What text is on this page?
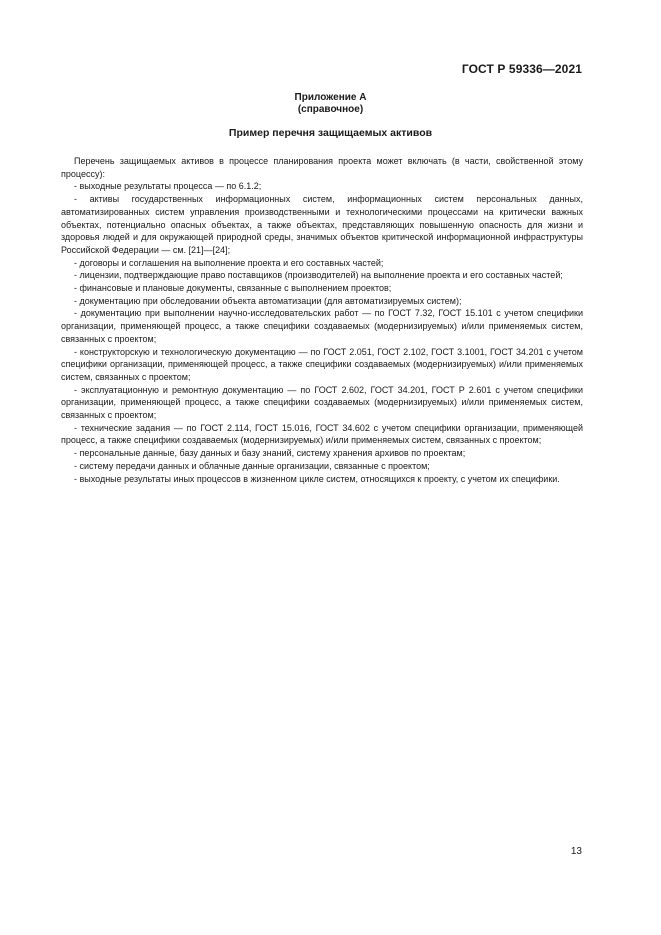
ГОСТ Р 59336—2021
Приложение А
(справочное)
Пример перечня защищаемых активов

Перечень защищаемых активов в процессе планирования проекта может включать (в части, свойственной этому процессу):

- выходные результаты процесса — по 6.1.2;

- активы государственных информационных систем, информационных систем персональных данных, автоматизированных систем управления производственными и технологическими процессами на критически важных объектах, потенциально опасных объектах, а также объектах, представляющих повышенную опасность для жизни и здоровья людей и для окружающей природной среды, значимых объектов критической информационной инфраструктуры Российской Федерации — см. [21]—[24];

- договоры и соглашения на выполнение проекта и его составных частей;

- лицензии, подтверждающие право поставщиков (производителей) на выполнение проекта и его составных частей;

- финансовые и плановые документы, связанные с выполнением проектов;

- документацию при обследовании объекта автоматизации (для автоматизируемых систем);

- документацию при выполнении научно-исследовательских работ — по ГОСТ 7.32, ГОСТ 15.101 с учетом специфики организации, применяющей процесс, а также специфики создаваемых (модернизируемых) и/или применяемых систем, связанных с проектом;

- конструкторскую и технологическую документацию — по ГОСТ 2.051, ГОСТ 2.102, ГОСТ 3.1001, ГОСТ 34.201 с учетом специфики организации, применяющей процесс, а также специфики создаваемых (модернизируемых) и/или применяемых систем, связанных с проектом;

- эксплуатационную и ремонтную документацию — по ГОСТ 2.602, ГОСТ 34.201, ГОСТ Р 2.601 с учетом специфики организации, применяющей процесс, а также специфики создаваемых (модернизируемых) и/или применяемых систем, связанных с проектом;

- технические задания — по ГОСТ 2.114, ГОСТ 15.016, ГОСТ 34.602 с учетом специфики организации, применяющей процесс, а также специфики создаваемых (модернизируемых) и/или применяемых систем, связанных с проектом;

- персональные данные, базу данных и базу знаний, систему хранения архивов по проектам;

- систему передачи данных и облачные данные организации, связанные с проектом;

- выходные результаты иных процессов в жизненном цикле систем, относящихся к проекту, с учетом их специфики.

13
